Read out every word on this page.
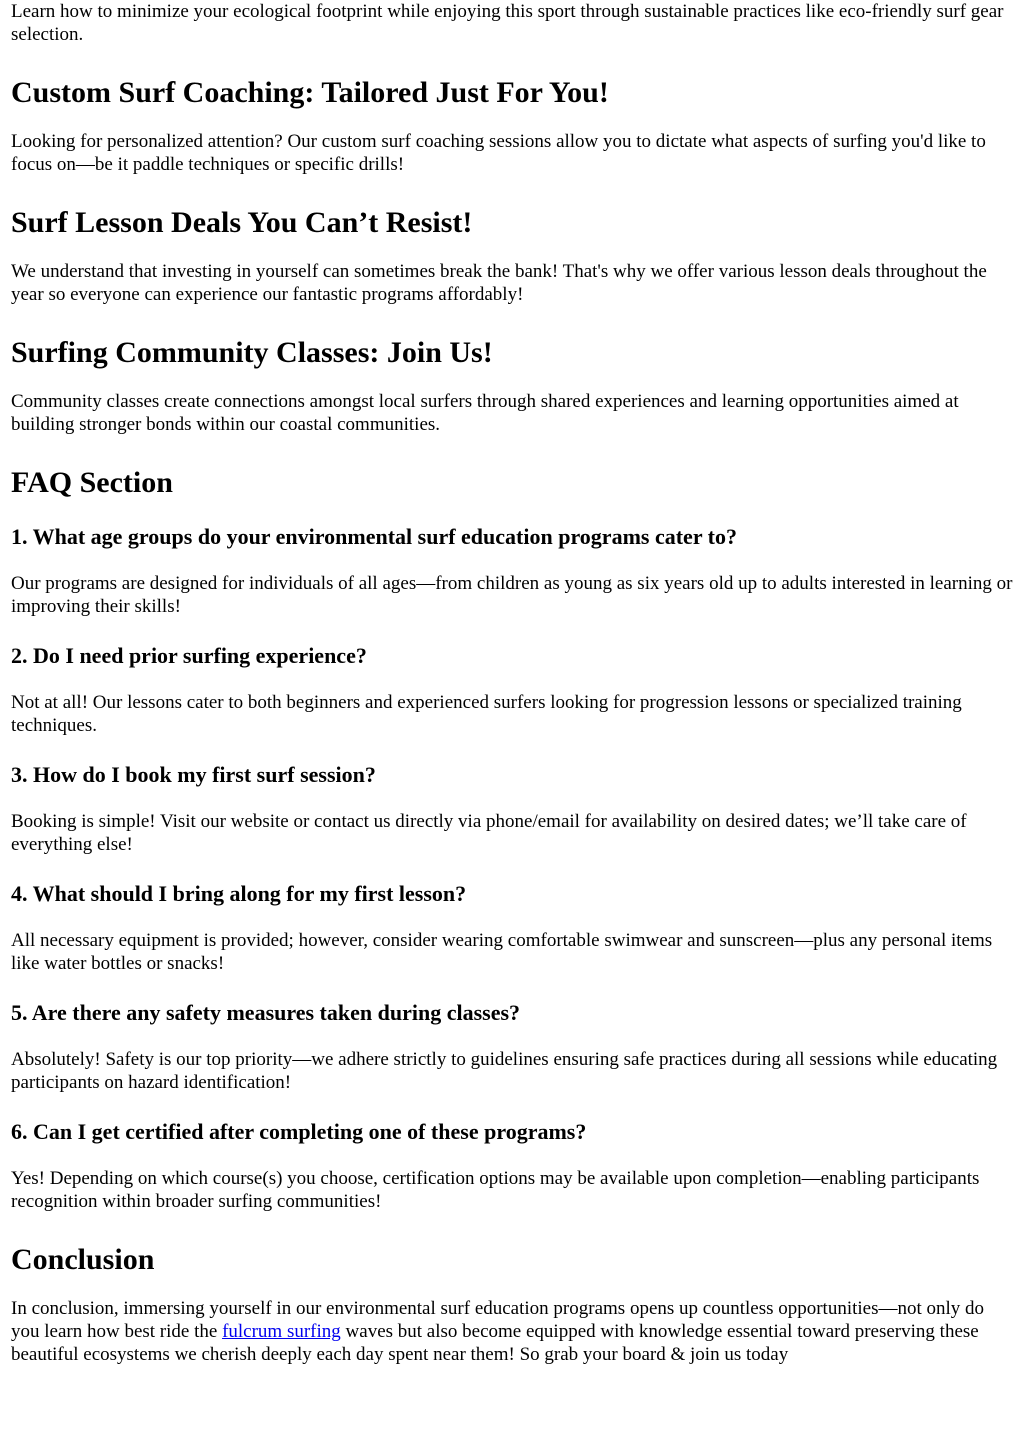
Learn how to minimize your ecological footprint while enjoying this sport through sustainable practices like eco-friendly surf gear selection.

Custom Surf Coaching: Tailored Just For You!

Looking for personalized attention? Our custom surf coaching sessions allow you to dictate what aspects of surfing you'd like to focus on—be it paddle techniques or specific drills!

Surf Lesson Deals You Can’t Resist!

We understand that investing in yourself can sometimes break the bank! That's why we offer various lesson deals throughout the year so everyone can experience our fantastic programs affordably!

Surfing Community Classes: Join Us!

Community classes create connections amongst local surfers through shared experiences and learning opportunities aimed at building stronger bonds within our coastal communities.

FAQ Section
1. What age groups do your environmental surf education programs cater to?

Our programs are designed for individuals of all ages—from children as young as six years old up to adults interested in learning or improving their skills!

2. Do I need prior surfing experience?

Not at all! Our lessons cater to both beginners and experienced surfers looking for progression lessons or specialized training techniques.

3. How do I book my first surf session?

Booking is simple! Visit our website or contact us directly via phone/email for availability on desired dates; we’ll take care of everything else!

4. What should I bring along for my first lesson?

All necessary equipment is provided; however, consider wearing comfortable swimwear and sunscreen—plus any personal items like water bottles or snacks!

5. Are there any safety measures taken during classes?

Absolutely! Safety is our top priority—we adhere strictly to guidelines ensuring safe practices during all sessions while educating participants on hazard identification!

6. Can I get certified after completing one of these programs?

Yes! Depending on which course(s) you choose, certification options may be available upon completion—enabling participants recognition within broader surfing communities!

Conclusion

In conclusion, immersing yourself in our environmental surf education programs opens up countless opportunities—not only do you learn how best ride the fulcrum surfing waves but also become equipped with knowledge essential toward preserving these beautiful ecosystems we cherish deeply each day spent near them! So grab your board & join us today
